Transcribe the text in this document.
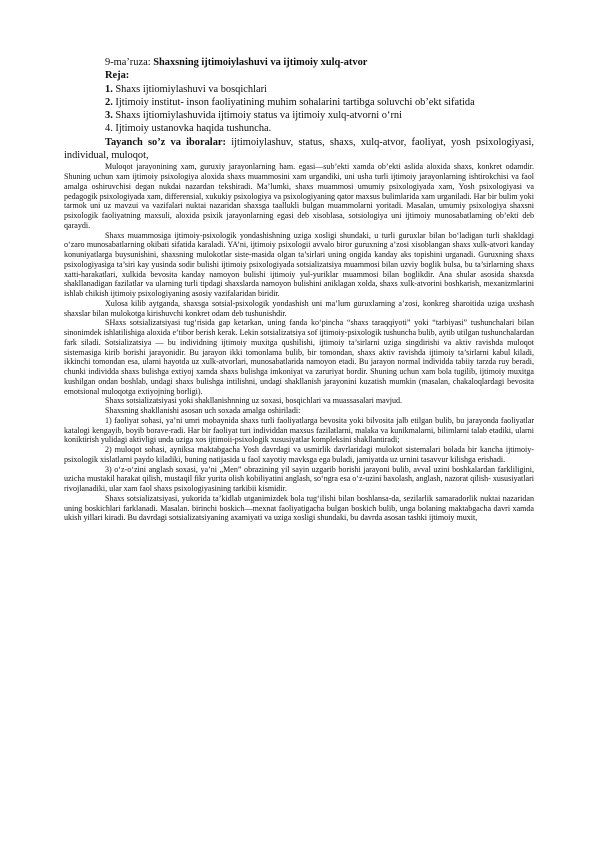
9-ma’ruza: Shaxsning ijtimoiylashuvi va ijtimoiy xulq-atvor

Reja:

1. Shaxs ijtiomiylashuvi va bosqichlari

2. Ijtimoiy institut- inson faoliyatining muhim sohalarini tartibga soluvchi ob’ekt sifatida

3. Shaxs ijtiomiylashuvida ijtimoiy status va ijtimoiy xulq-atvorni o‘rni

4. Ijtimoiy ustanovka haqida tushuncha.

Tayanch so’z va iboralar: ijtimoiylashuv, status, shaxs, xulq-atvor, faoliyat, yosh psixologiyasi, individual, muloqot,

Muloqot jarayonining xam, guruxiy jarayonlarning ham. egasi—sub’ekti xamda ob’ekti aslida aloxida shaxs, konkret odamdir. Shuning uchun xam ijtimoiy psixologiya aloxida shaxs muammosini xam urgandiki, uni usha turli ijtimoiy jarayonlarning ishtirokchisi va faol amalga oshiruvchisi degan nukdai nazardan tekshiradi. Ma’lumki, shaxs muammosi umumiy psixologiyada xam, Yosh psixologiyasi va pedagogik psixologiyada xam, differensial, xukukiy psixologiya va psixologiyaning qator maxsus bulimlarida xam urganiladi. Har bir bulim yoki tarmok uni uz mavzui va vazifalari nuktai nazaridan shaxsga taallukli bulgan muammolarni yoritadi. Masalan, umumiy psixologiya shaxsni psixologik faoliyatning maxsuli, aloxida psixik jarayonlarning egasi deb xisoblasa, sotsiologiya uni ijtimoiy munosabatlarning ob’ekti deb qaraydi.

Shaxs muammosiga ijtimoiy-psixologik yondashishning uziga xosligi shundaki, u turli guruxlar bilan bo‘ladigan turli shakldagi o‘zaro munosabatlarning okibati sifatida karaladi. YA’ni, ijtimoiy psixologii avvalo biror guruxning a’zosi xisoblangan shaxs xulk-atvori kanday konuniyatlarga buysunishini, shaxsning mulokotlar siste-masida olgan ta’sirlari uning ongida kanday aks topishini urganadi. Guruxning shaxs psixologiyasiga ta’siri kay yusinda sodir bulishi ijtimoiy psixologiyada sotsializatsiya muammosi bilan uzviy boglik bulsa, bu ta’sirlarning shaxs xatti-harakatlari, xulkida bevosita kanday namoyon bulishi ijtimoiy yul-yuriklar muammosi bilan boglikdir. Ana shular asosida shaxsda shakllanadigan fazilatlar va ularning turli tipdagi shaxslarda namoyon bulishini aniklagan xolda, shaxs xulk-atvorini boshkarish, mexanizmlarini ishlab chikish ijtimoiy psixologiyaning asosiy vazifalaridan biridir.

Xulosa kilib aytganda, shaxsga sotsial-psixologik yondashish uni ma’lum guruxlarning a’zosi, konkreg sharoitida uziga uxshash shaxslar bilan mulokotga kirishuvchi konkret odam deb tushunishdir.

SHaxs sotsializatsiyasi tug‘risida gap ketarkan, uning fanda ko‘pincha “shaxs taraqqiyoti” yoki “tarbiyasi” tushunchalari bilan sinonimdek ishlatilishiga aloxida e’tibor berish kerak. Lekin sotsializatsiya sof ijtimoiy-psixologik tushuncha bulib, aytib utilgan tushunchalardan fark siladi. Sotsializatsiya — bu individning ijtimoiy muxitga qushilishi, ijtimoiy ta’sirlarni uziga singdirishi va aktiv ravishda muloqot sistemasiga kirib borishi jarayonidir. Bu jarayon ikki tomonlama bulib, bir tomondan, shaxs aktiv ravishda ijtimoiy ta’sirlarni kabul kiladi, ikkinchi tomondan esa, ularni hayotda uz xulk-atvorlari, munosabatlarida namoyon etadi. Bu jarayon normal individda tabiiy tarzda ruy beradi, chunki individda shaxs bulishga extiyoj xamda shaxs bulishga imkoniyat va zaruriyat bordir. Shuning uchun xam bola tugilib, ijtimoiy muxitga kushilgan ondan boshlab, undagi shaxs bulishga intilishni, undagi shakllanish jarayonini kuzatish mumkin (masalan, chakaloqlardagi bevosita emotsional muloqotga extiyojning borligi).

Shaxs sotsializatsiyasi yoki shakllanishnning uz soxasi, bosqichlari va muassasalari mavjud.

Shaxsning shakllanishi asosan uch soxada amalga oshiriladi:

1) faoliyat sohasi, ya’ni umri mobaynida shaxs turli faoliyatlarga bevosita yoki bilvosita jalb etilgan bulib, bu jarayonda faoliyatlar katalogi kengayib, boyib borave-radi. Har bir faoliyat turi individdan maxsus fazilatlarni, malaka va kunikmalarni, bilimlarni talab etadiki, ularni koniktirish yulidagi aktivligi unda uziga xos ijtimoii-psixologik xususiyatlar kompleksini shakllantiradi;

2) muloqot sohasi, ayniksa maktabgacha Yosh davrdagi va usmirlik davrlaridagi mulokot sistemalari bolada bir kancha ijtimoiy-psixologik xislatlarni paydo kiladiki, buning natijasida u faol xayotiy mavksga ega buladi, jamiyatda uz urnini tasavvur kilishga erishadi.

3) o‘z-o‘zini anglash soxasi, ya’ni „Men” obrazining yil sayin uzgarib borishi jarayoni bulib, avval uzini boshkalardan farkliligini, uzicha mustakil harakat qilish, mustaqil fikr yurita olish kobiliyatini anglash, so‘ngra esa o‘z-uzini baxolash, anglash, nazorat qilish- xususiyatlari rivojlanadiki, ular xam faol shaxs psixologiyasining tarkibii kismidir.

Shaxs sotsializatsiyasi, yukorida ta’kidlab utganimizdek bola tug‘ilishi bilan boshlansa-da, sezilarlik samaradorlik nuktai nazaridan uning boskichlari farklanadi. Masalan. birinchi boskich—mexnat faoliyatigacha bulgan boskich bulib, unga bolaning maktabgacha davri xamda ukish yillari kiradi. Bu davrdagi sotsializatsiyaning axamiyati va uziga xosligi shundaki, bu davrda asosan tashki ijtimoiy muxit,
